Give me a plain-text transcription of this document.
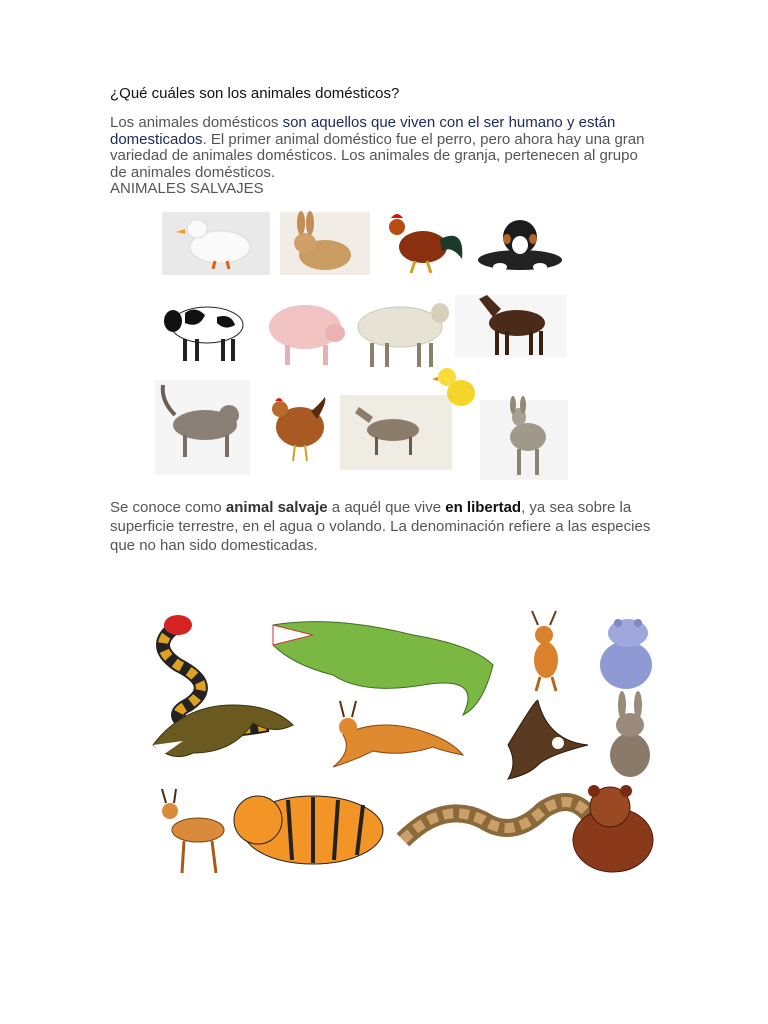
¿Qué cuáles son los animales domésticos?
Los animales domésticos son aquellos que viven con el ser humano y están domesticados. El primer animal doméstico fue el perro, pero ahora hay una gran variedad de animales domésticos. Los animales de granja, pertenecen al grupo de animales domésticos.
ANIMALES SALVAJES
Se conoce como animal salvaje a aquél que vive en libertad, ya sea sobre la superficie terrestre, en el agua o volando. La denominación refiere a las especies que no han sido domesticadas.
